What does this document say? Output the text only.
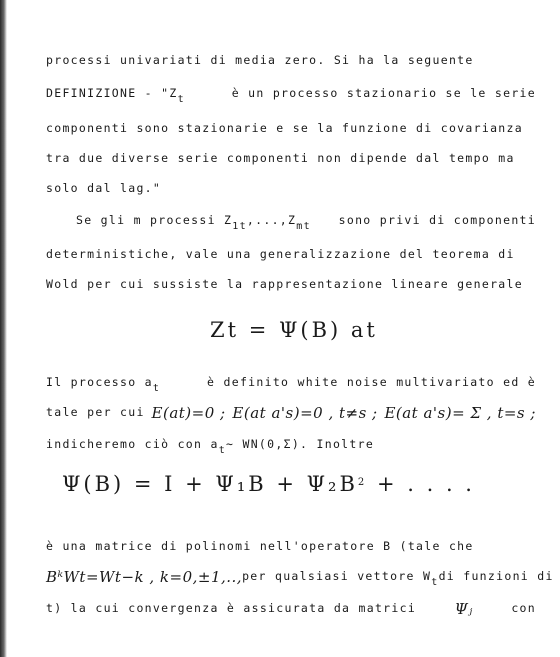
processi univariati di media zero. Si ha la seguente
DEFINIZIONE - "Zt	è un processo stazionario se le serie
componenti sono stazionarie e se la funzione di covarianza
tra due diverse serie componenti non dipende dal tempo ma
solo dal lag."
Se gli m processi Z1t,...,Zmt sono privi di componenti
deterministiche, vale una generalizzazione del teorema di
Wold per cui sussiste la rappresentazione lineare generale
Zt = Ψ(B) at
Il processo at	è definito white noise multivariato ed è
tale per cui E(at)=0 ; E(at a's)=0 , t≠s ; E(at a's)= Σ , t=s ;
indicheremo ciò con at∼ WN(0,Σ). Inoltre
$\Psi(B) = I + \Psi_1B + \Psi_2B^2$ + . . . .
è una matrice di polinomi nell'operatore B (tale che
BᵏWt=Wt−k , k=0,±1,.., per qualsiasi vettore Wt di funzioni di
t) la cui convergenza è assicurata da matrici	Ψⱼ	con
